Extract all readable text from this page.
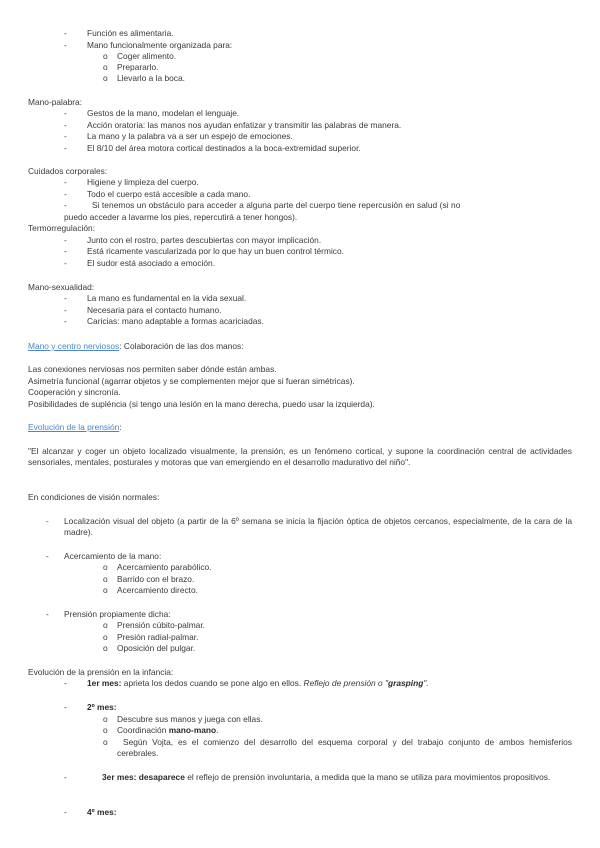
- Función es alimentaria.
- Mano funcionalmente organizada para:
o Coger alimento.
o Prepararlo.
o Llevarlo a la boca.
Mano-palabra:
- Gestos de la mano, modelan el lenguaje.
- Acción oratoria: las manos nos ayudan enfatizar y transmitir las palabras de manera.
- La mano y la palabra va a ser un espejo de emociones.
- El 8/10 del área motora cortical destinados a la boca-extremidad superior.
Cuidados corporales:
- Higiene y limpieza del cuerpo.
- Todo el cuerpo está accesible a cada mano.
-	Si tenemos un obstáculo para acceder a alguna parte del cuerpo tiene repercusión en salud (si no
puedo acceder a lavarme los pies, repercutirá a tener hongos).
Termorregulación:
- Junto con el rostro, partes descubiertas con mayor implicación.
- Está ricamente vascularizada por lo que hay un buen control térmico.
- El sudor está asociado a emoción.
Mano-sexualidad:
- La mano es fundamental en la vida sexual.
- Necesaria para el contacto humano.
- Caricias: mano adaptable a formas acariciadas.
Mano y centro nerviosos: Colaboración de las dos manos:
Las conexiones nerviosas nos permiten saber dónde están ambas.
Asimetría funcional (agarrar objetos y se complementen mejor que si fueran simétricas).
Cooperación y sincronía.
Posibilidades de supléncia (si tengo una lesión en la mano derecha, puedo usar la izquierda).
Evolución de la prensión:
"El alcanzar y coger un objeto localizado visualmente, la prensión, es un fenómeno cortical, y supone la coordinación central de actividades sensoriales, mentales, posturales y motoras que van emergiendo en el desarrollo madurativo del niño".
En condiciones de visión normales:
- Localización visual del objeto (a partir de la 6º semana se inicia la fijación óptica de objetos cercanos, especialmente, de la cara de la madre).
- Acercamiento de la mano:
o Acercamiento parabólico.
o Barrido con el brazo.
o Acercamiento directo.
- Prensión propiamente dicha:
o Prensión cúbito-palmar.
o Presión radial-palmar.
o Oposición del pulgar.
Evolución de la prensión en la infancia:
- 1er mes: aprieta los dedos cuando se pone algo en ellos. Reflejo de prensión o "grasping".
- 2º mes:
o Descubre sus manos y juega con ellas.
o Coordinación mano-mano.
o	Según Vojta, es el comienzo del desarrollo del esquema corporal y del trabajo conjunto de ambos hemisferios cerebrales.
-	3er mes: desaparece el reflejo de prensión involuntaria, a medida que la mano se utiliza para movimientos propositivos.
- 4º mes:
